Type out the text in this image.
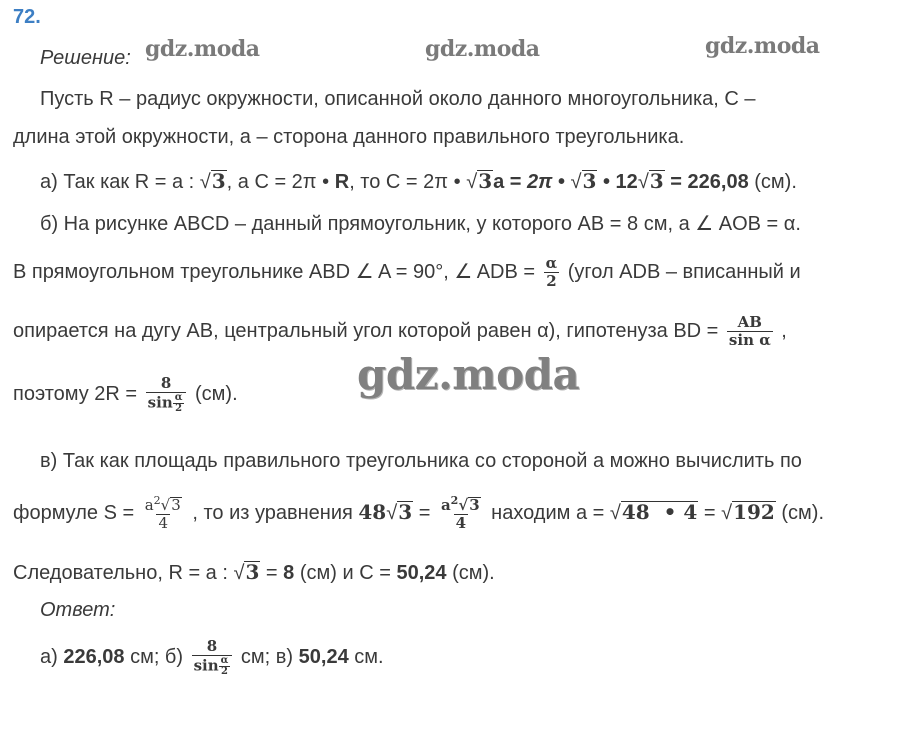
72.
gdz.moda	gdz.moda	gdz.moda
gdz.moda
Решение:
Пусть R – радиус окружности, описанной около данного многоугольника, C –
длина этой окружности, a – сторона данного правильного треугольника.
а) Так как R = a : √3, а C = 2π • R, то C = 2π • √3a = 2π • √3 • 12√3 = 226,08 (см).
б) На рисунке ABCD – данный прямоугольник, у которого AB = 8 см, а ∠ AOB = α.
В прямоугольном треугольнике ABD ∠ A = 90°, ∠ ADB = $\frac{\alpha}{2}$ (угол ADB – вписанный и
опирается на дугу AB, центральный угол которой равен α), гипотенуза BD = $\frac{AB}{\text{sin α}}$ ,
поэтому $2R = \frac{8}{\sin \frac{\alpha}{2}} (см)$.
в) Так как площадь правильного треугольника со стороной a можно вычислить по
формуле $S = \frac{a^2√3}{4}$ , то из уравнения $48√3 = \frac{a^2√3}{4}$ находим a = √48  • 4 = √192 (см).
Следовательно, R = a : √3 = 8 (см) и C = 50,24 (см).
Ответ:
а) 226,08 см; $б) \frac{8}{\sin \frac{\alpha}{2}}$ см; в) 50,24 см.
